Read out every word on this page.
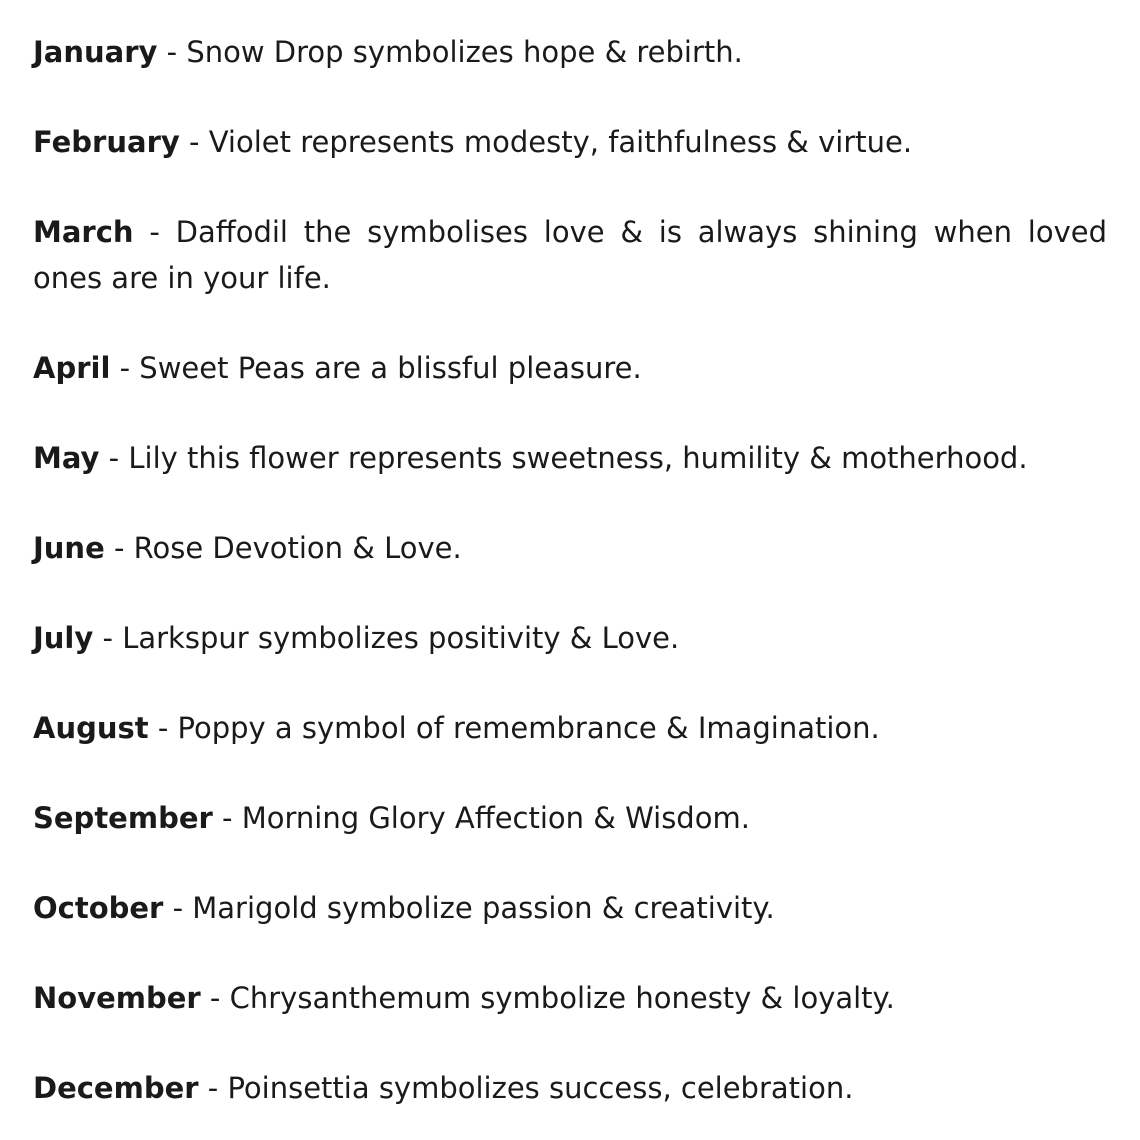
January - Snow Drop symbolizes hope & rebirth.

February - Violet represents modesty, faithfulness & virtue.

March - Daffodil the symbolises love & is always shining when loved ones are in your life.

April - Sweet Peas are a blissful pleasure.

May - Lily this flower represents sweetness, humility & motherhood.

June - Rose Devotion & Love.

July - Larkspur symbolizes positivity & Love.

August - Poppy a symbol of remembrance & Imagination.

September - Morning Glory Affection & Wisdom.

October - Marigold symbolize passion & creativity.

November - Chrysanthemum symbolize honesty & loyalty.

December - Poinsettia symbolizes success, celebration.
